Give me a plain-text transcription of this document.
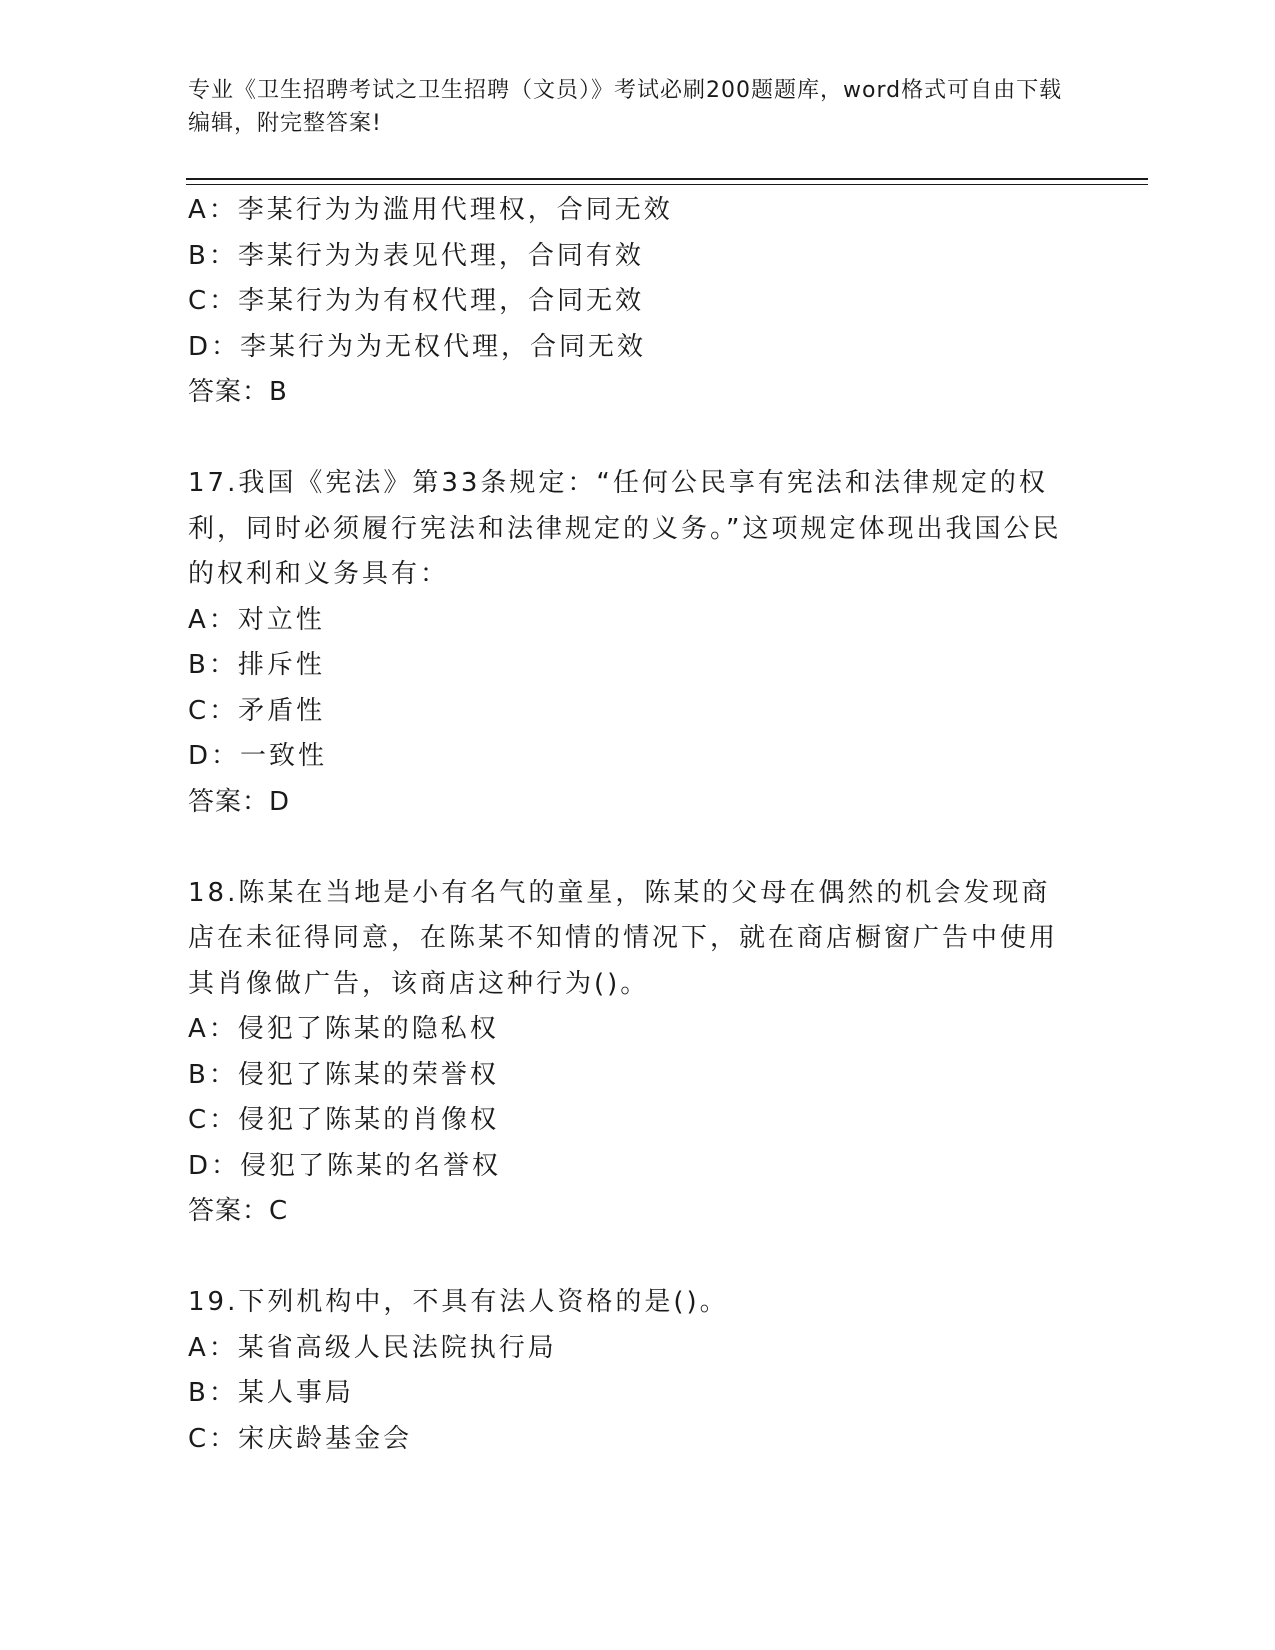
专业《卫生招聘考试之卫生招聘（文员）》考试必刷200题题库，word格式可自由下载编辑，附完整答案!
A：李某行为为滥用代理权，合同无效
B：李某行为为表见代理，合同有效
C：李某行为为有权代理，合同无效
D：李某行为为无权代理，合同无效
答案：B
17.我国《宪法》第33条规定：“任何公民享有宪法和法律规定的权利，同时必须履行宪法和法律规定的义务。”这项规定体现出我国公民的权利和义务具有：
A：对立性
B：排斥性
C：矛盾性
D：一致性
答案：D
18.陈某在当地是小有名气的童星，陈某的父母在偶然的机会发现商店在未征得同意，在陈某不知情的情况下，就在商店橱窗广告中使用其肖像做广告，该商店这种行为()。
A：侵犯了陈某的隐私权
B：侵犯了陈某的荣誉权
C：侵犯了陈某的肖像权
D：侵犯了陈某的名誉权
答案：C
19.下列机构中，不具有法人资格的是()。
A：某省高级人民法院执行局
B：某人事局
C：宋庆龄基金会
